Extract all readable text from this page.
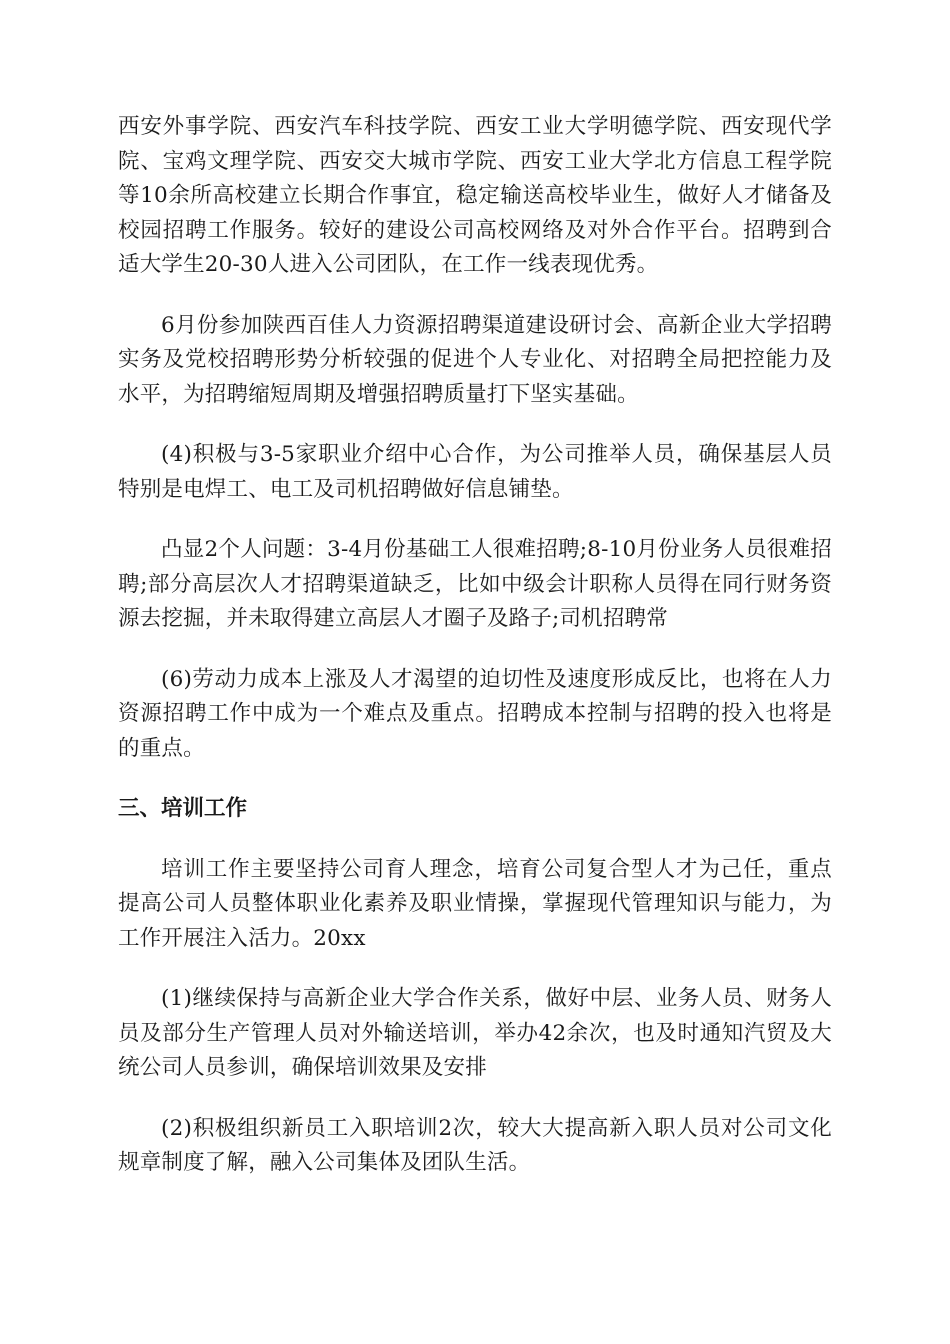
西安外事学院、西安汽车科技学院、西安工业大学明德学院、西安现代学院、宝鸡文理学院、西安交大城市学院、西安工业大学北方信息工程学院等10余所高校建立长期合作事宜，稳定输送高校毕业生，做好人才储备及校园招聘工作服务。较好的建设公司高校网络及对外合作平台。招聘到合适大学生20-30人进入公司团队，在工作一线表现优秀。

6月份参加陕西百佳人力资源招聘渠道建设研讨会、高新企业大学招聘实务及党校招聘形势分析较强的促进个人专业化、对招聘全局把控能力及水平，为招聘缩短周期及增强招聘质量打下坚实基础。

(4)积极与3-5家职业介绍中心合作，为公司推举人员，确保基层人员特别是电焊工、电工及司机招聘做好信息铺垫。

凸显2个人问题：3-4月份基础工人很难招聘;8-10月份业务人员很难招聘;部分高层次人才招聘渠道缺乏，比如中级会计职称人员得在同行财务资源去挖掘，并未取得建立高层人才圈子及路子;司机招聘常

(6)劳动力成本上涨及人才渴望的迫切性及速度形成反比，也将在人力资源招聘工作中成为一个难点及重点。招聘成本控制与招聘的投入也将是的重点。

三、培训工作

培训工作主要坚持公司育人理念，培育公司复合型人才为己任，重点提高公司人员整体职业化素养及职业情操，掌握现代管理知识与能力，为工作开展注入活力。20xx

(1)继续保持与高新企业大学合作关系，做好中层、业务人员、财务人员及部分生产管理人员对外输送培训，举办42余次，也及时通知汽贸及大统公司人员参训，确保培训效果及安排

(2)积极组织新员工入职培训2次，较大大提高新入职人员对公司文化规章制度了解，融入公司集体及团队生活。
